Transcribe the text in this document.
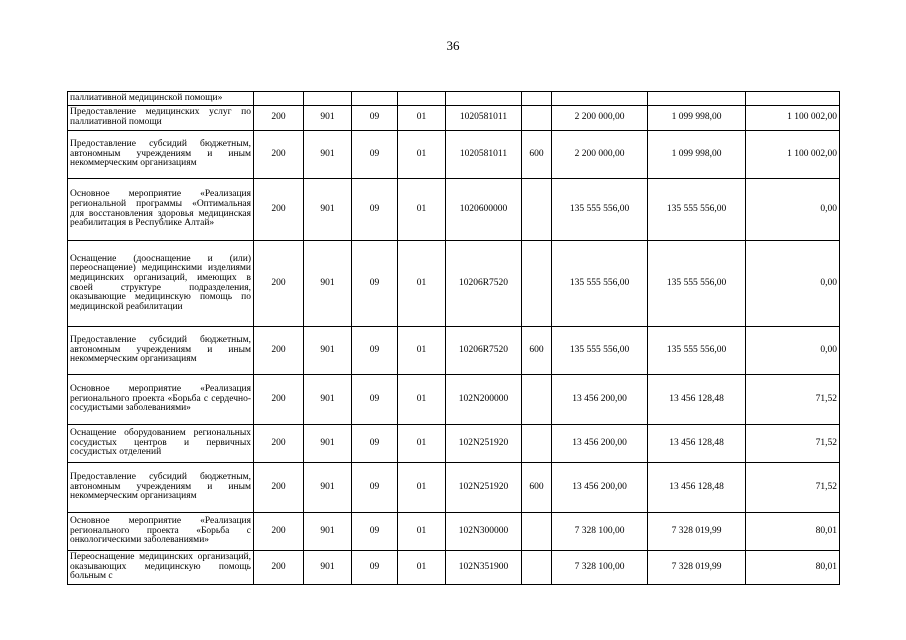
36
паллиативной медицинской помощи»									
Предоставление медицинских услуг по паллиативной помощи	200	901	09	01	1020581011		2 200 000,00	1 099 998,00	1 100 002,00
Предоставление субсидий бюджетным, автономным учреждениям и иным некоммерческим организациям	200	901	09	01	1020581011	600	2 200 000,00	1 099 998,00	1 100 002,00
Основное мероприятие «Реализация региональной программы «Оптимальная для восстановления здоровья медицинская реабилитация в Республике Алтай»	200	901	09	01	1020600000		135 555 556,00	135 555 556,00	0,00
Оснащение (дооснащение и (или) переоснащение) медицинскими изделиями медицинских организаций, имеющих в своей структуре подразделения, оказывающие медицинскую помощь по медицинской реабилитации	200	901	09	01	10206R7520		135 555 556,00	135 555 556,00	0,00
Предоставление субсидий бюджетным, автономным учреждениям и иным некоммерческим организациям	200	901	09	01	10206R7520	600	135 555 556,00	135 555 556,00	0,00
Основное мероприятие «Реализация регионального проекта «Борьба с сердечно-сосудистыми заболеваниями»	200	901	09	01	102N200000		13 456 200,00	13 456 128,48	71,52
Оснащение оборудованием региональных сосудистых центров и первичных сосудистых отделений	200	901	09	01	102N251920		13 456 200,00	13 456 128,48	71,52
Предоставление субсидий бюджетным, автономным учреждениям и иным некоммерческим организациям	200	901	09	01	102N251920	600	13 456 200,00	13 456 128,48	71,52
Основное мероприятие «Реализация регионального проекта «Борьба с онкологическими заболеваниями»	200	901	09	01	102N300000		7 328 100,00	7 328 019,99	80,01
Переоснащение медицинских организаций, оказывающих медицинскую помощь больным с	200	901	09	01	102N351900		7 328 100,00	7 328 019,99	80,01
